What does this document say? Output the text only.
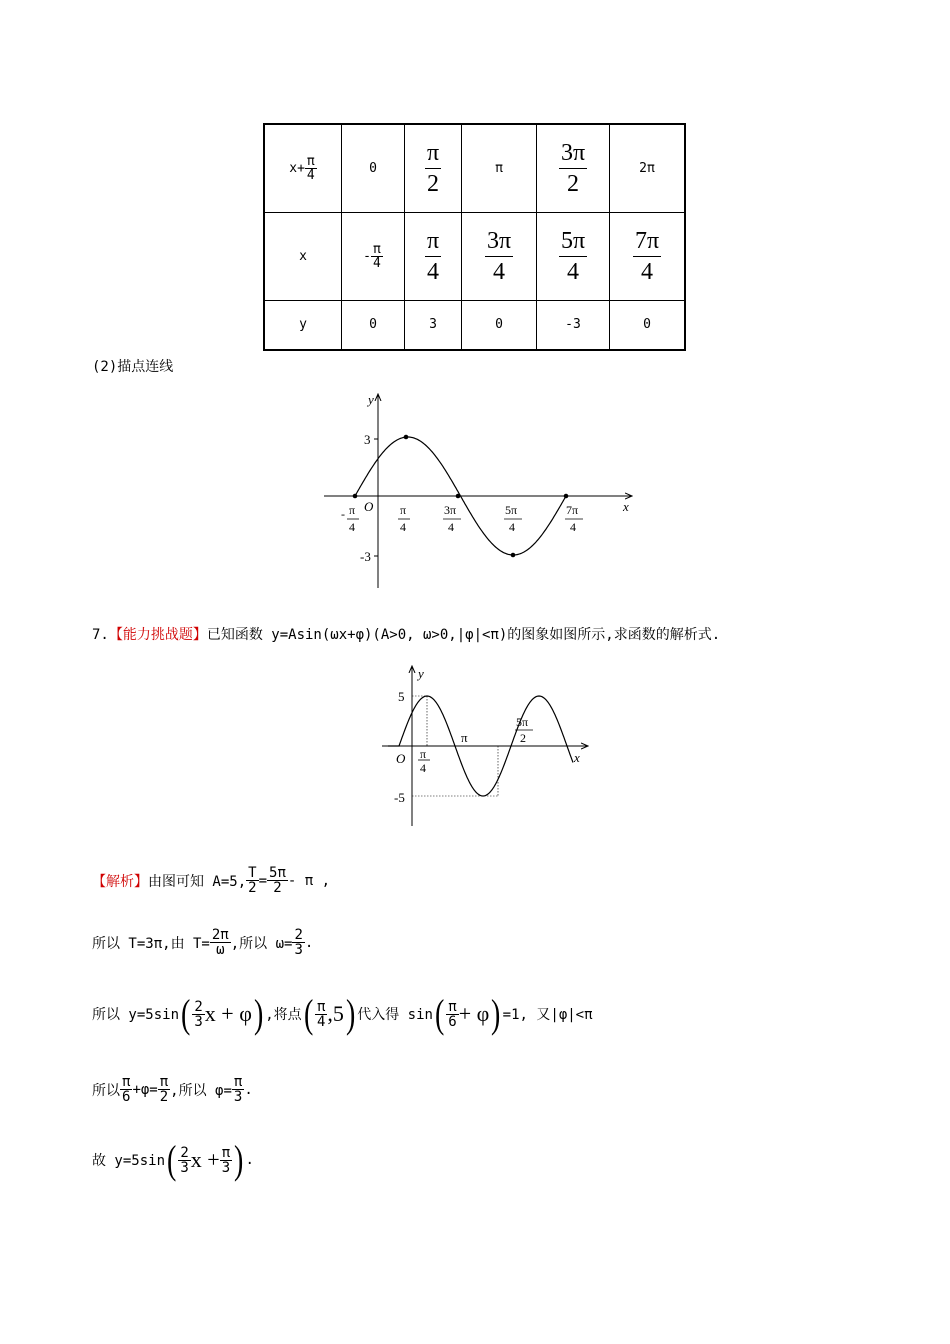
$x+ \frac{\pi}{4}$	0	$\frac{\pi}{2}$	π	$\frac{3\pi}{2}$	2π
x	- $\frac{\pi}{4}$	$\frac{\pi}{4}$	$\frac{3\pi}{4}$	$\frac{5\pi}{4}$	$\frac{7\pi}{4}$

y	0	3	0	-3	0
(2)描点连线
y
x
O
3
-3
- π
4
π
4
3π
4
5π
4
7π
4
7.【能力挑战题】已知函数 y=Asin(ωx+φ)(A>0, ω>0,|φ|<π)的图象如图所示,求函数的解析式.
y
x
O
5
-5
π
4
π
5π
2
【解析】 由图可知 A=5, $\frac{T}{2} = \frac{5\pi}{2} - \pi$ ,
所以 T=3π,由 $T= \frac{2\pi}{\omega}$ ,所以 $\omega= \frac{2}{3}$ .
所以 y=5sin ( $\frac{2}{3}$ x + φ ) ,将点 ( $\frac{\pi}{4} ,5$ ) 代入得 sin ( $\frac{\pi}{6} + \varphi$ ) =1, 又|φ|<π
所以 $\frac{\pi}{6} +\varphi= \frac{\pi}{2}$ ,所以 $\varphi= \frac{\pi}{3}$ .
故 y=5sin ( $\frac{2}{3}$ $x + \frac{\pi}{3}$ ) .
